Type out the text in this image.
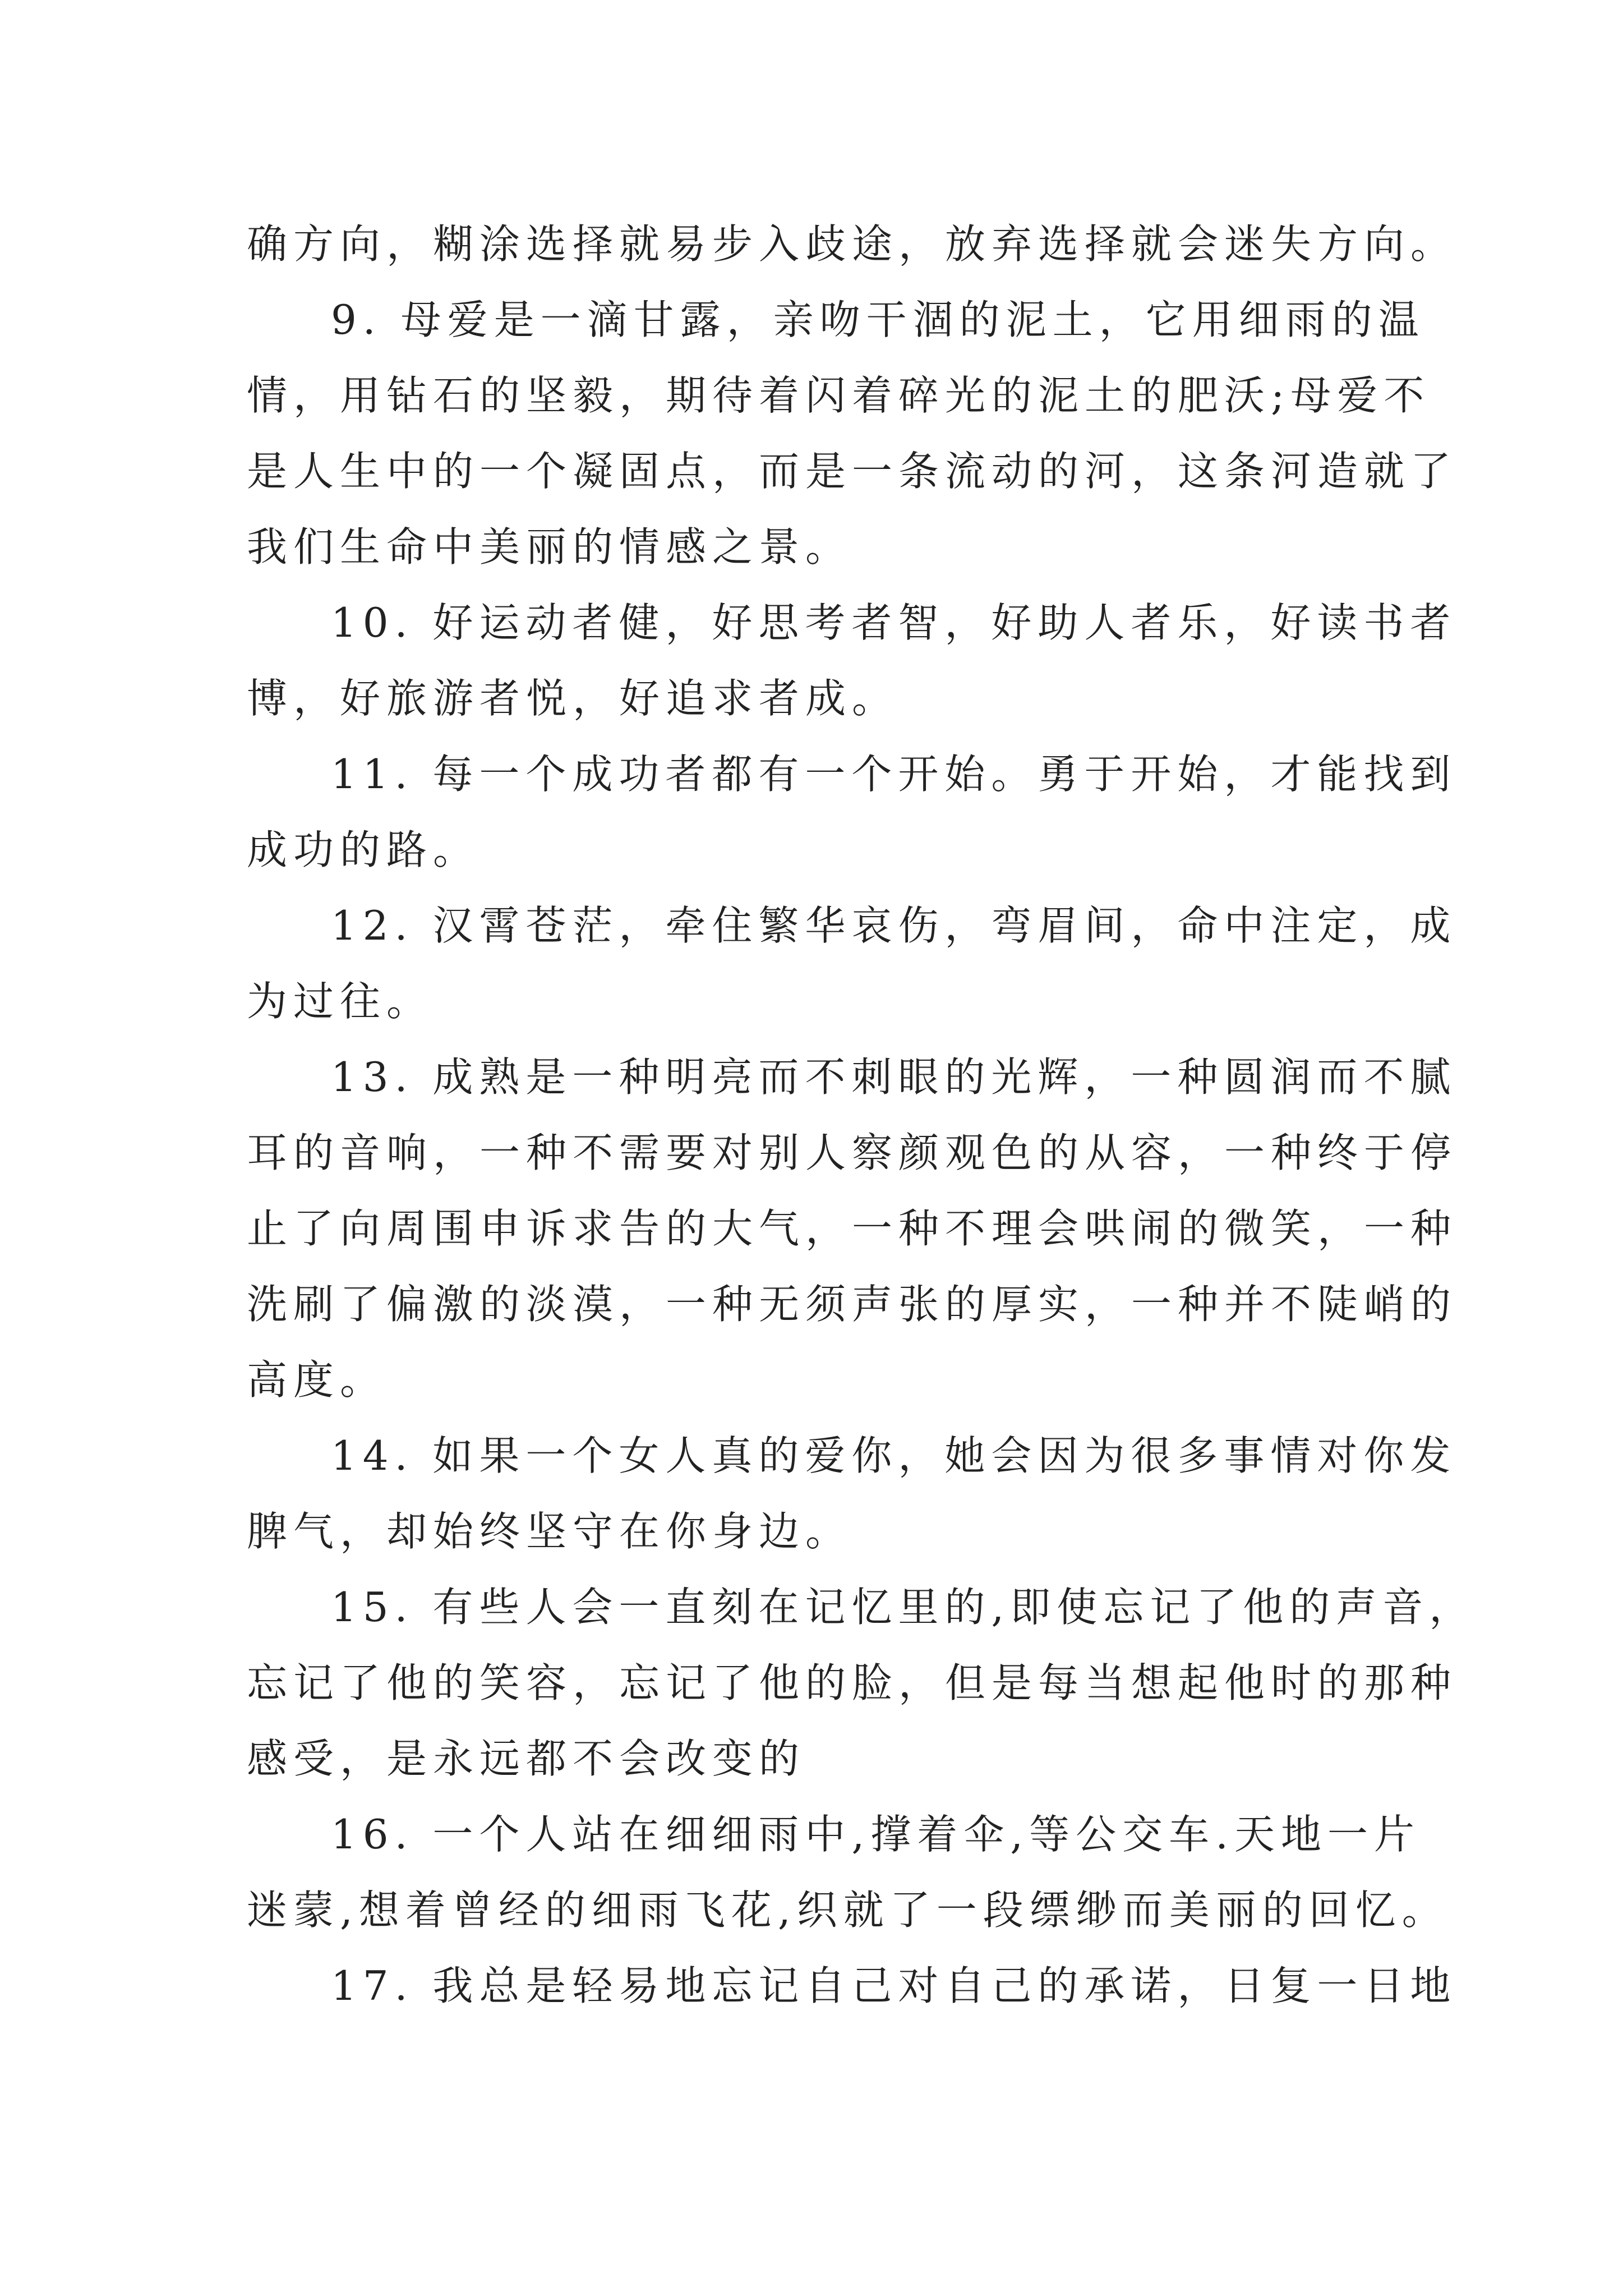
确方向，糊涂选择就易步入歧途，放弃选择就会迷失方向。
9. 母爱是一滴甘露，亲吻干涸的泥土，它用细雨的温
情，用钻石的坚毅，期待着闪着碎光的泥土的肥沃;母爱不
是人生中的一个凝固点，而是一条流动的河，这条河造就了
我们生命中美丽的情感之景。
10. 好运动者健，好思考者智，好助人者乐，好读书者
博，好旅游者悦，好追求者成。
11. 每一个成功者都有一个开始。勇于开始，才能找到
成功的路。
12. 汉霄苍茫，牵住繁华哀伤，弯眉间，命中注定，成
为过往。
13. 成熟是一种明亮而不刺眼的光辉，一种圆润而不腻
耳的音响，一种不需要对别人察颜观色的从容，一种终于停
止了向周围申诉求告的大气，一种不理会哄闹的微笑，一种
洗刷了偏激的淡漠，一种无须声张的厚实，一种并不陡峭的
高度。
14. 如果一个女人真的爱你，她会因为很多事情对你发
脾气，却始终坚守在你身边。
15. 有些人会一直刻在记忆里的,即使忘记了他的声音，
忘记了他的笑容，忘记了他的脸，但是每当想起他时的那种
感受，是永远都不会改变的
16. 一个人站在细细雨中,撑着伞,等公交车.天地一片
迷蒙,想着曾经的细雨飞花,织就了一段缥缈而美丽的回忆。
17. 我总是轻易地忘记自己对自己的承诺，日复一日地
